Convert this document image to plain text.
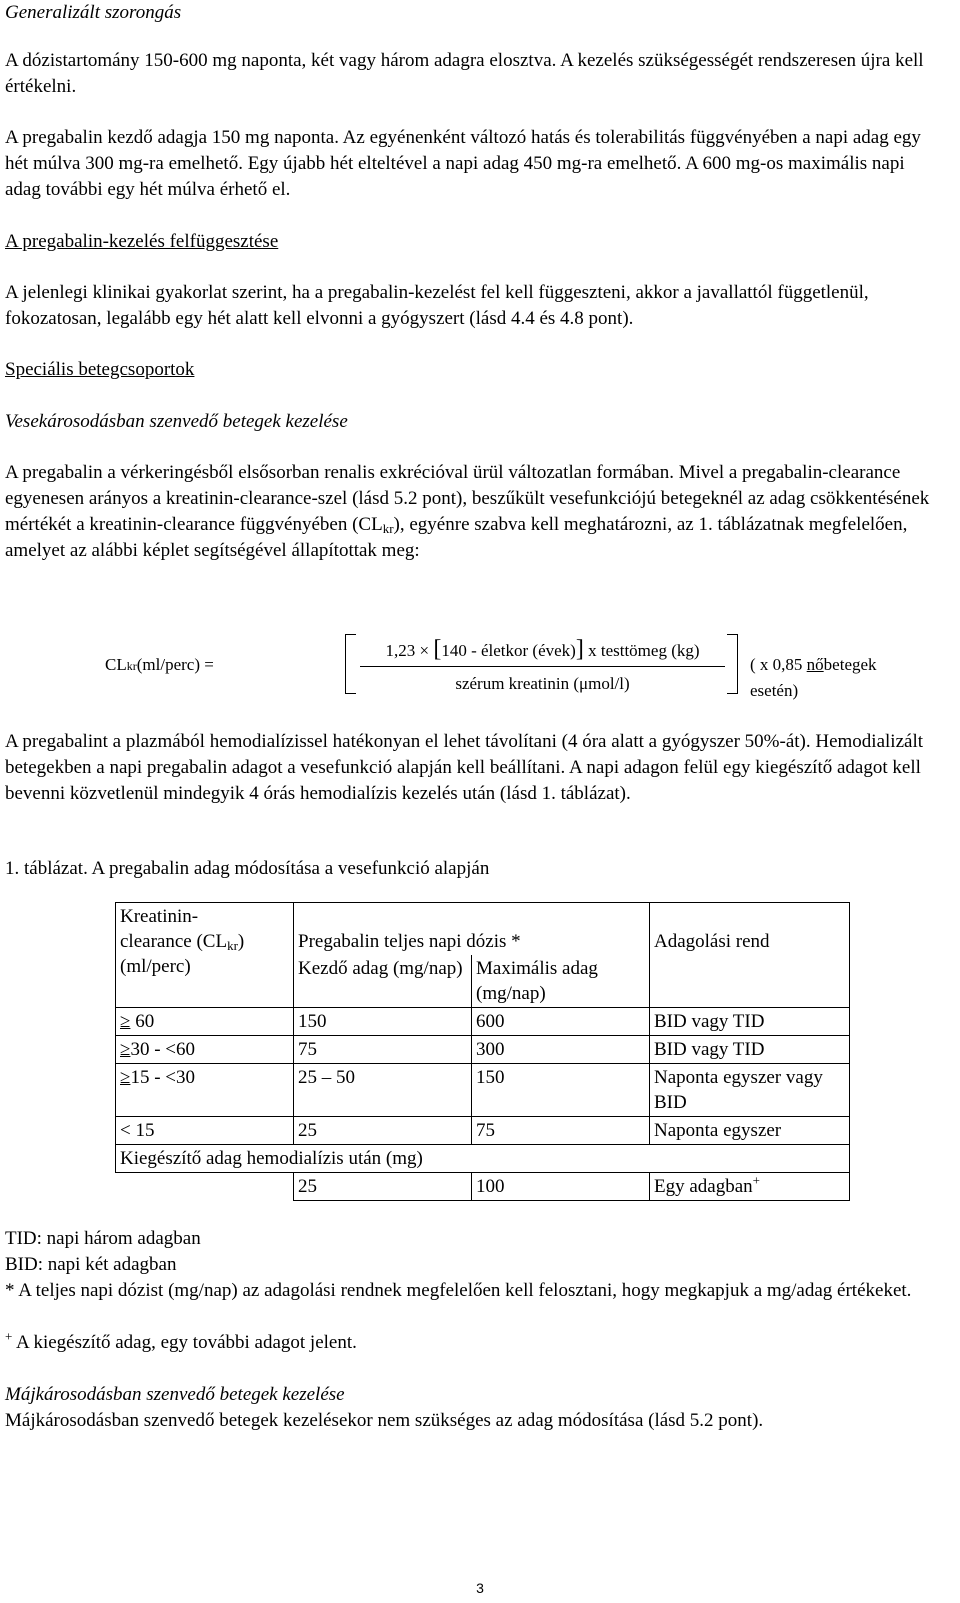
Generalizált szorongás

A dózistartomány 150-600 mg naponta, két vagy három adagra elosztva. A kezelés szükségességét rendszeresen újra kell értékelni.

A pregabalin kezdő adagja 150 mg naponta. Az egyénenként változó hatás és tolerabilitás függvényében a napi adag egy hét múlva 300 mg-ra emelhető. Egy újabb hét elteltével a napi adag 450 mg-ra emelhető. A 600 mg-os maximális napi adag további egy hét múlva érhető el.

A pregabalin-kezelés felfüggesztése

A jelenlegi klinikai gyakorlat szerint, ha a pregabalin-kezelést fel kell függeszteni, akkor a javallattól függetlenül, fokozatosan, legalább egy hét alatt kell elvonni a gyógyszert (lásd 4.4 és 4.8 pont).

Speciális betegcsoportok

Vesekárosodásban szenvedő betegek kezelése

A pregabalin a vérkeringésből elsősorban renalis exkrécióval ürül változatlan formában. Mivel a pregabalin-clearance egyenesen arányos a kreatinin-clearance-szel (lásd 5.2 pont), beszűkült vesefunkciójú betegeknél az adag csökkentésének mértékét a kreatinin-clearance függvényében $(CL_{kr})$, egyénre szabva kell meghatározni, az 1. táblázatnak megfelelően, amelyet az alábbi képlet segítségével állapítottak meg:

CLkr(ml/perc) =
1,23 × [140 - életkor (évek)] x testtömeg (kg)
szérum kreatinin (μmol/l)
( x 0,85 nőbetegek esetén)

A pregabalint a plazmából hemodialízissel hatékonyan el lehet távolítani (4 óra alatt a gyógyszer 50%-át). Hemodializált betegekben a napi pregabalin adagot a vesefunkció alapján kell beállítani. A napi adagon felül egy kiegészítő adagot kell bevenni közvetlenül mindegyik 4 órás hemodialízis kezelés után (lásd 1. táblázat).

1. táblázat. A pregabalin adag módosítása a vesefunkció alapján

Kreatinin-
clearance $(CL_{kr})$
(ml/perc)	Pregabalin teljes napi dózis *		Adagolási rend
	Kezdő adag (mg/nap)	Maximális adag (mg/nap)	
≥ 60	150	600	BID vagy TID
≥30 - <60	75	300	BID vagy TID
≥15 - <30	25 – 50	150	Naponta egyszer vagy BID
< 15	25	75	Naponta egyszer
Kiegészítő adag hemodialízis után (mg)			
	25	100	Egy adagban+

TID: napi három adagban

BID: napi két adagban

* A teljes napi dózist (mg/nap) az adagolási rendnek megfelelően kell felosztani, hogy megkapjuk a mg/adag értékeket.

+ A kiegészítő adag, egy további adagot jelent.

Májkárosodásban szenvedő betegek kezelése

Májkárosodásban szenvedő betegek kezelésekor nem szükséges az adag módosítása (lásd 5.2 pont).

3
